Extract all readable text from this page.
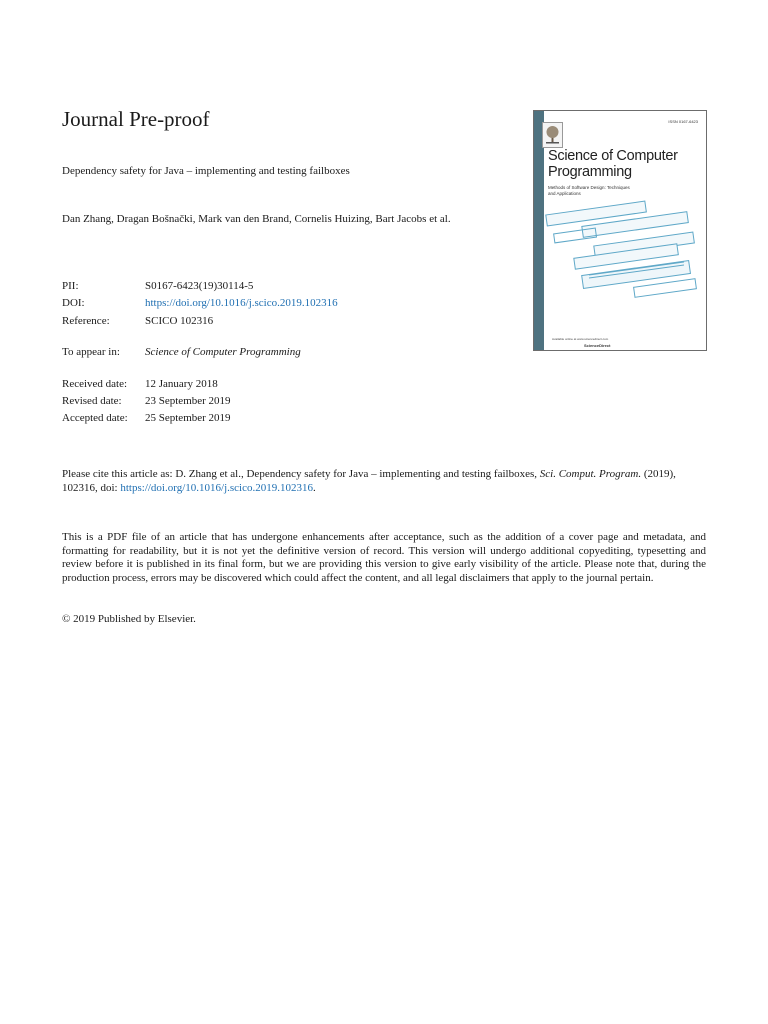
Journal Pre-proof
Dependency safety for Java – implementing and testing failboxes
Dan Zhang, Dragan Bošnački, Mark van den Brand, Cornelis Huizing, Bart Jacobs et al.
PII:	S0167-6423(19)30114-5
DOI:	https://doi.org/10.1016/j.scico.2019.102316
Reference:	SCICO 102316
To appear in: Science of Computer Programming
Received date: 12 January 2018
Revised date: 23 September 2019
Accepted date: 25 September 2019
Please cite this article as: D. Zhang et al., Dependency safety for Java – implementing and testing failboxes, Sci. Comput. Program. (2019), 102316, doi: https://doi.org/10.1016/j.scico.2019.102316.
This is a PDF file of an article that has undergone enhancements after acceptance, such as the addition of a cover page and metadata, and formatting for readability, but it is not yet the definitive version of record. This version will undergo additional copyediting, typesetting and review before it is published in its final form, but we are providing this version to give early visibility of the article. Please note that, during the production process, errors may be discovered which could affect the content, and all legal disclaimers that apply to the journal pertain.
© 2019 Published by Elsevier.
ISSN 0167-6423
Science of Computer Programming
Methods of Software Design: Techniques and Applications
Available online at www.sciencedirect.com
ScienceDirect
